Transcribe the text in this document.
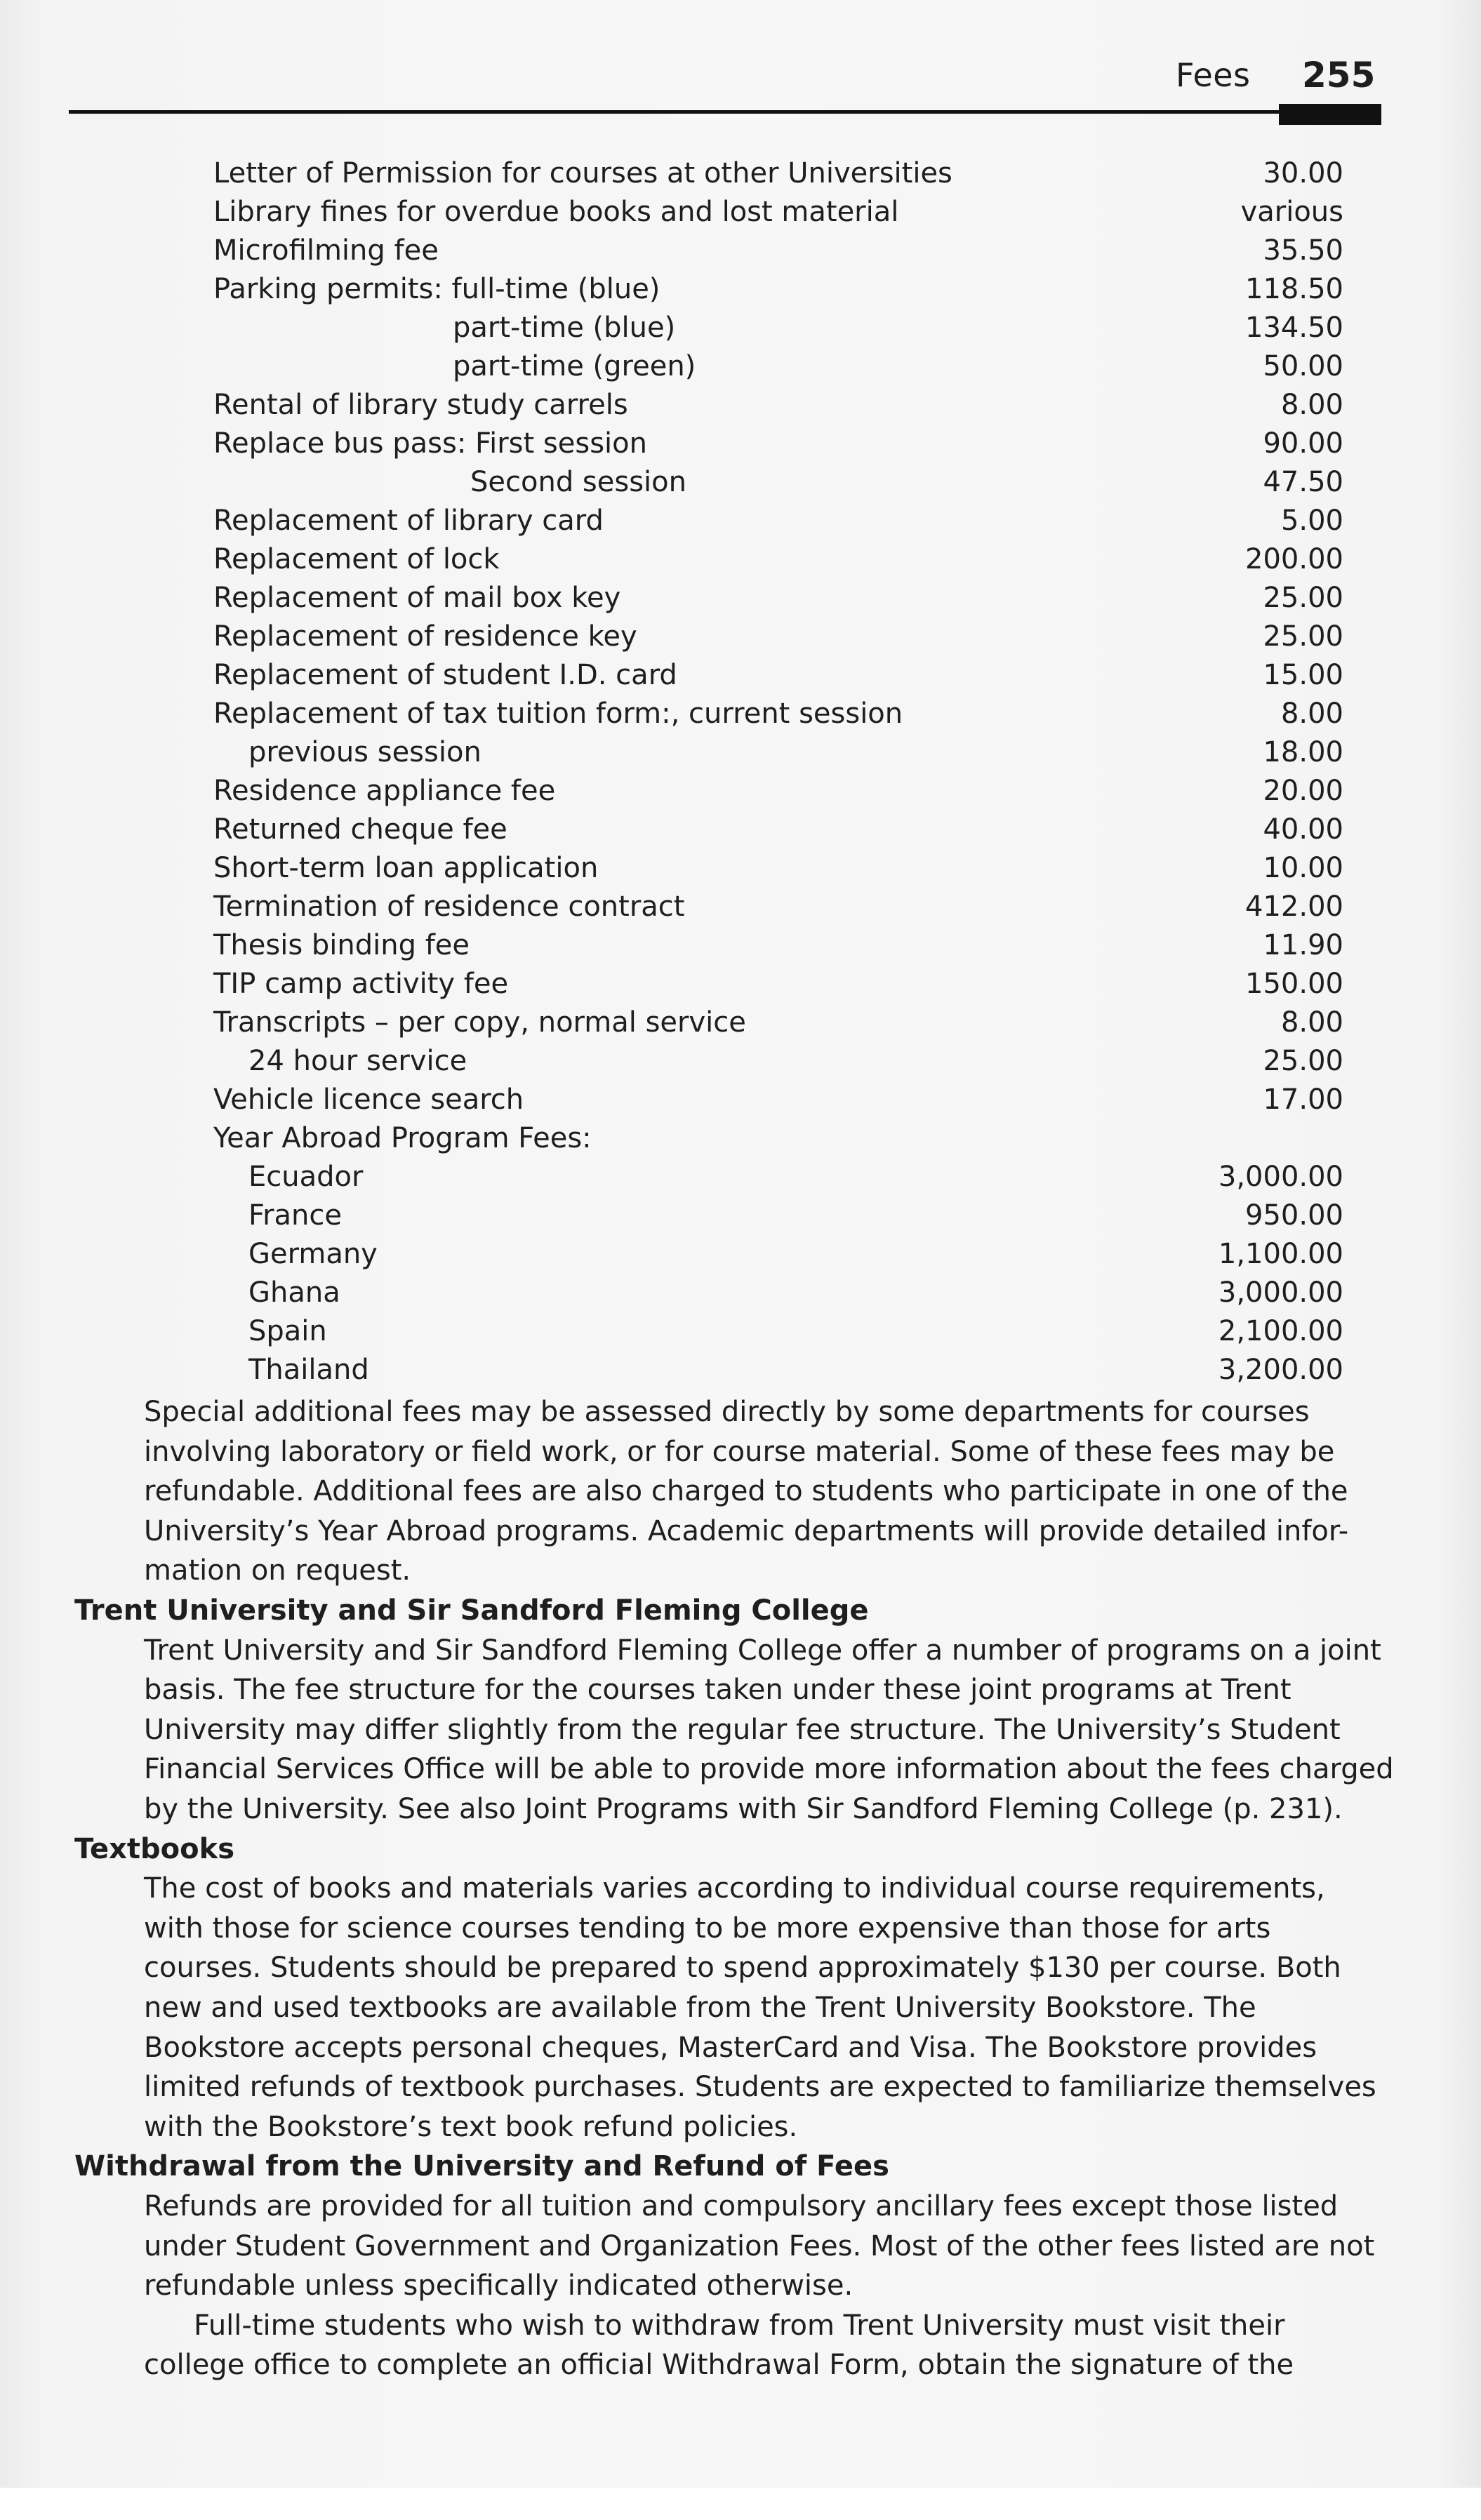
Fees 255
Letter of Permission for courses at other Universities	30.00
Library fines for overdue books and lost material	various
Microfilming fee	35.50
Parking permits: full-time (blue)	118.50
part-time (blue)	134.50
part-time (green)	50.00
Rental of library study carrels	8.00
Replace bus pass: First session	90.00
Second session	47.50
Replacement of library card	5.00
Replacement of lock	200.00
Replacement of mail box key	25.00
Replacement of residence key	25.00
Replacement of student I.D. card	15.00
Replacement of tax tuition form:, current session	8.00
previous session	18.00
Residence appliance fee	20.00
Returned cheque fee	40.00
Short-term loan application	10.00
Termination of residence contract	412.00
Thesis binding fee	11.90
TIP camp activity fee	150.00
Transcripts – per copy, normal service	8.00
24 hour service	25.00
Vehicle licence search	17.00
Year Abroad Program Fees:
Ecuador	3,000.00
France	950.00
Germany	1,100.00
Ghana	3,000.00
Spain	2,100.00
Thailand	3,200.00
Special additional fees may be assessed directly by some departments for courses
involving laboratory or field work, or for course material. Some of these fees may be
refundable. Additional fees are also charged to students who participate in one of the
University’s Year Abroad programs. Academic departments will provide detailed infor-
mation on request.
Trent University and Sir Sandford Fleming College
Trent University and Sir Sandford Fleming College offer a number of programs on a joint
basis. The fee structure for the courses taken under these joint programs at Trent
University may differ slightly from the regular fee structure. The University’s Student
Financial Services Office will be able to provide more information about the fees charged
by the University. See also Joint Programs with Sir Sandford Fleming College (p. 231).
Textbooks
The cost of books and materials varies according to individual course requirements,
with those for science courses tending to be more expensive than those for arts
courses. Students should be prepared to spend approximately $130 per course. Both
new and used textbooks are available from the Trent University Bookstore. The
Bookstore accepts personal cheques, MasterCard and Visa. The Bookstore provides
limited refunds of textbook purchases. Students are expected to familiarize themselves
with the Bookstore’s text book refund policies.
Withdrawal from the University and Refund of Fees
Refunds are provided for all tuition and compulsory ancillary fees except those listed
under Student Government and Organization Fees. Most of the other fees listed are not
refundable unless specifically indicated otherwise.
Full-time students who wish to withdraw from Trent University must visit their
college office to complete an official Withdrawal Form, obtain the signature of the
